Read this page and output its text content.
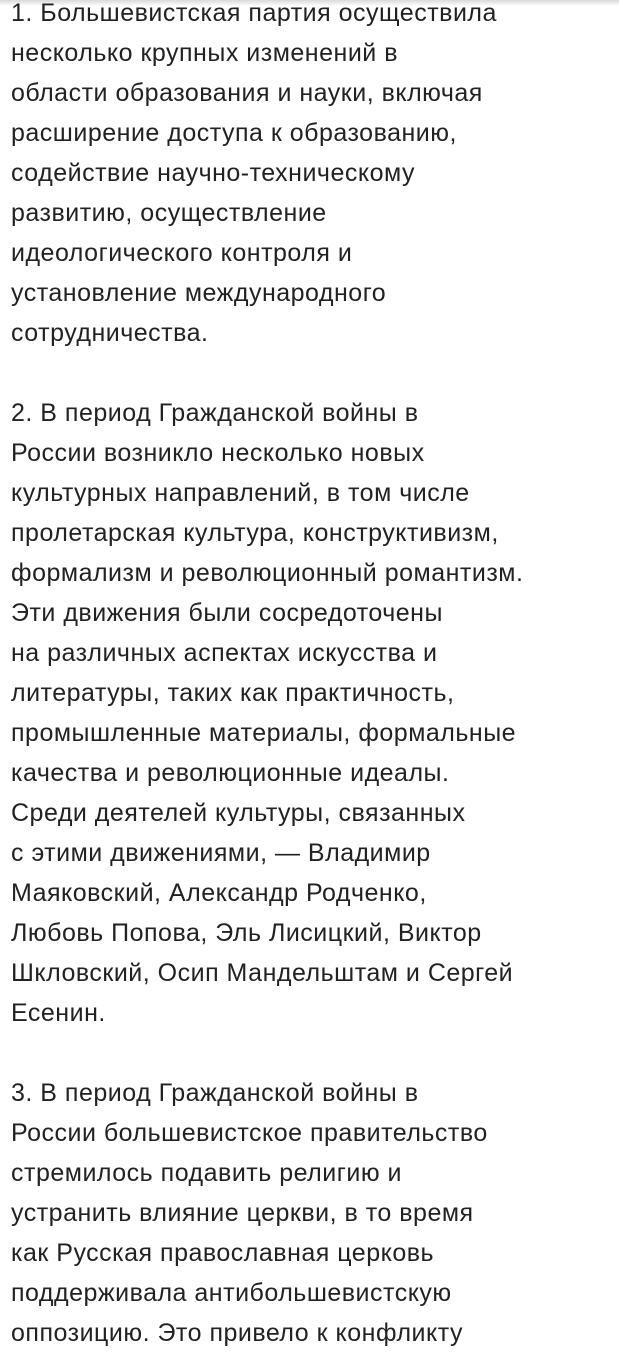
1. Большевистская партия осуществила
несколько крупных изменений в
области образования и науки, включая
расширение доступа к образованию,
содействие научно-техническому
развитию, осуществление
идеологического контроля и
установление международного
сотрудничества.
2. В период Гражданской войны в
России возникло несколько новых
культурных направлений, в том числе
пролетарская культура, конструктивизм,
формализм и революционный романтизм.
Эти движения были сосредоточены
на различных аспектах искусства и
литературы, таких как практичность,
промышленные материалы, формальные
качества и революционные идеалы.
Среди деятелей культуры, связанных
с этими движениями, — Владимир
Маяковский, Александр Родченко,
Любовь Попова, Эль Лисицкий, Виктор
Шкловский, Осип Мандельштам и Сергей
Есенин.
3. В период Гражданской войны в
России большевистское правительство
стремилось подавить религию и
устранить влияние церкви, в то время
как Русская православная церковь
поддерживала антибольшевистскую
оппозицию. Это привело к конфликту
